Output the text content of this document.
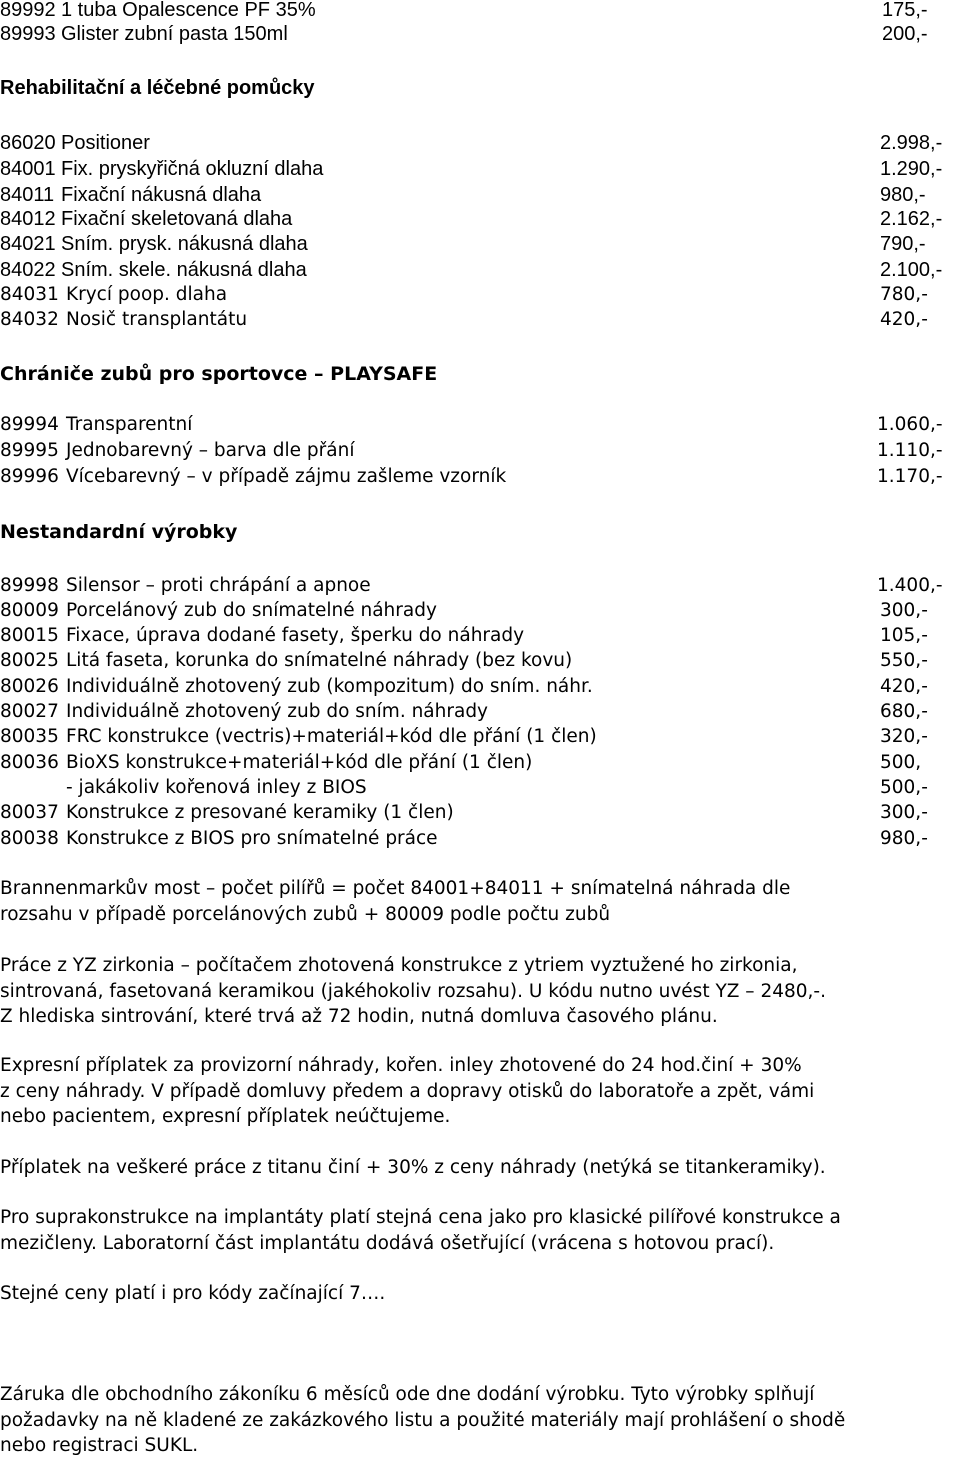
89992 1 tuba Opalescence PF 35%	175,-
89993 Glister zubní pasta 150ml	200,-
Rehabilitační a léčebné pomůcky
86020 Positioner	2.998,-
84001 Fix. pryskyřičná okluzní dlaha	1.290,-
84011 Fixační nákusná dlaha	980,-
84012 Fixační skeletovaná dlaha	2.162,-
84021 Sním. prysk. nákusná dlaha	790,-
84022 Sním. skele. nákusná dlaha	2.100,-
84031 Krycí poop. dlaha	780,-
84032 Nosič transplantátu	420,-
Chrániče zubů pro sportovce – PLAYSAFE
89994 Transparentní	1.060,-
89995 Jednobarevný – barva dle přání	1.110,-
89996 Vícebarevný – v případě zájmu zašleme vzorník	1.170,-
Nestandardní výrobky
89998 Silensor – proti chrápání a apnoe	1.400,-
80009 Porcelánový zub do snímatelné náhrady	300,-
80015 Fixace, úprava dodané fasety, šperku do náhrady	105,-
80025 Litá faseta, korunka do snímatelné náhrady (bez kovu)	550,-
80026 Individuálně zhotovený zub (kompozitum) do sním. náhr.	420,-
80027 Individuálně zhotovený zub do sním. náhrady	680,-
80035 FRC konstrukce (vectris)+materiál+kód dle přání (1 člen)	320,-
80036 BioXS konstrukce+materiál+kód dle přání (1 člen)	500,
- jakákoliv kořenová inley z BIOS	500,-
80037 Konstrukce z presované keramiky (1 člen)	300,-
80038 Konstrukce z BIOS pro snímatelné práce	980,-
Brannenmarkův most – počet pilířů = počet 84001+84011 + snímatelná náhrada dle
rozsahu v případě porcelánových zubů + 80009 podle počtu zubů
Práce z YZ zirkonia – počítačem zhotovená konstrukce z ytriem vyztužené ho zirkonia,
sintrovaná, fasetovaná keramikou (jakéhokoliv rozsahu). U kódu nutno uvést YZ – 2480,-.
Z hlediska sintrování, které trvá až 72 hodin, nutná domluva časového plánu.
Expresní příplatek za provizorní náhrady, kořen. inley zhotovené do 24 hod.činí + 30%
z ceny náhrady. V případě domluvy předem a dopravy otisků do laboratoře a zpět, vámi
nebo pacientem, expresní příplatek neúčtujeme.
Příplatek na veškeré práce z titanu činí + 30% z ceny náhrady (netýká se titankeramiky).
Pro suprakonstrukce na implantáty platí stejná cena jako pro klasické pilířové konstrukce a
mezičleny. Laboratorní část implantátu dodává ošetřující (vrácena s hotovou prací).
Stejné ceny platí i pro kódy začínající 7….
Záruka dle obchodního zákoníku 6 měsíců ode dne dodání výrobku. Tyto výrobky splňují
požadavky na ně kladené ze zakázkového listu a použité materiály mají prohlášení o shodě
nebo registraci SUKL.
